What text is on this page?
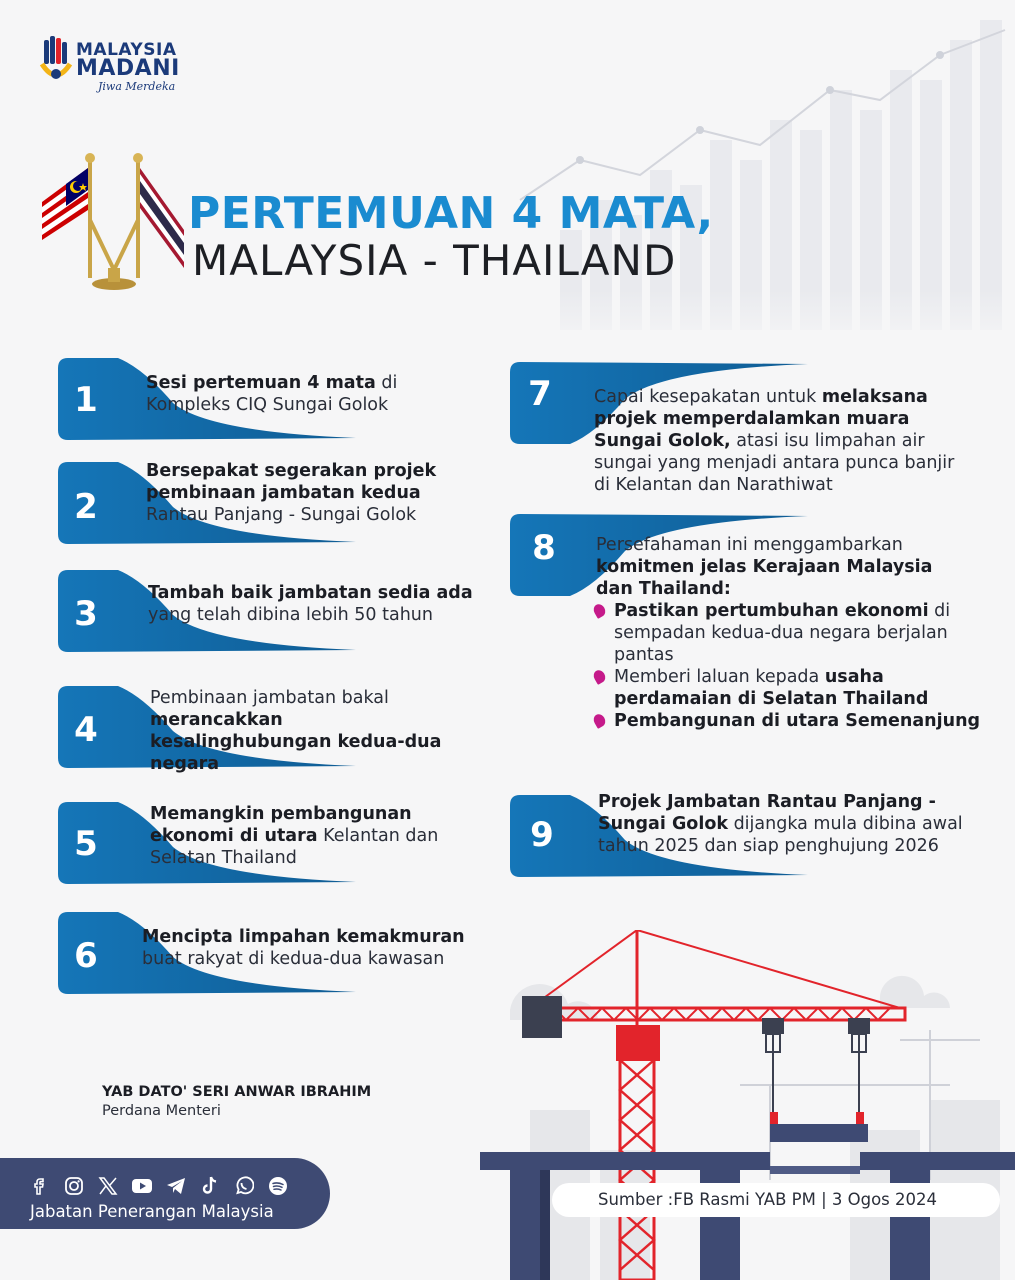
MALAYSIA
MADANI
Jiwa Merdeka
PERTEMUAN 4 MATA,
MALAYSIA - THAILAND
1	Sesi pertemuan 4 mata di Kompleks CIQ Sungai Golok
2
Bersepakat segerakan projek pembinaan jambatan kedua Rantau Panjang - Sungai Golok
3
Tambah baik jambatan sedia ada yang telah dibina lebih 50 tahun
4
Pembinaan jambatan bakal merancakkan kesalinghubungan kedua-dua negara
5
Memangkin pembangunan ekonomi di utara Kelantan dan Selatan Thailand
6	Mencipta limpahan kemakmuran buat rakyat di kedua-dua kawasan
7	Capai kesepakatan untuk melaksana projek memperdalamkan muara Sungai Golok, atasi isu limpahan air sungai yang menjadi antara punca banjir di Kelantan dan Narathiwat
8	Persefahaman ini menggambarkan komitmen jelas Kerajaan Malaysia dan Thailand:
Pastikan pertumbuhan ekonomi di sempadan kedua-dua negara berjalan pantas
Memberi laluan kepada usaha perdamaian di Selatan Thailand
Pembangunan di utara Semenanjung
9
Projek Jambatan Rantau Panjang - Sungai Golok dijangka mula dibina awal tahun 2025 dan siap penghujung 2026
YAB DATO' SERI ANWAR IBRAHIM
Perdana Menteri
Sumber :FB Rasmi YAB PM | 3 Ogos 2024
Jabatan Penerangan Malaysia
